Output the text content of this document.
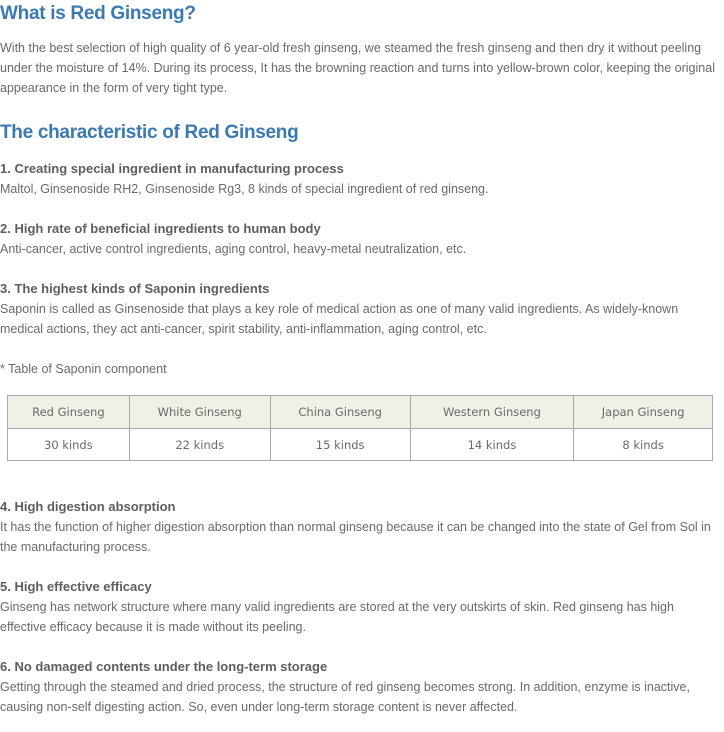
What is Red Ginseng?

With the best selection of high quality of 6 year-old fresh ginseng, we steamed the fresh ginseng and then dry it without peeling under the moisture of 14%. During its process, It has the browning reaction and turns into yellow-brown color, keeping the original appearance in the form of very tight type.

The characteristic of Red Ginseng

1. Creating special ingredient in manufacturing process

Maltol, Ginsenoside RH2, Ginsenoside Rg3, 8 kinds of special ingredient of red ginseng.

2. High rate of beneficial ingredients to human body

Anti-cancer, active control ingredients, aging control, heavy-metal neutralization, etc.

3. The highest kinds of Saponin ingredients

Saponin is called as Ginsenoside that plays a key role of medical action as one of many valid ingredients. As widely-known medical actions, they act anti-cancer, spirit stability, anti-inflammation, aging control, etc.

* Table of Saponin component

Red Ginseng	White Ginseng	China Ginseng	Western Ginseng	Japan Ginseng
30 kinds	22 kinds	15 kinds	14 kinds	8 kinds

4. High digestion absorption

It has the function of higher digestion absorption than normal ginseng because it can be changed into the state of Gel from Sol in the manufacturing process.

5. High effective efficacy

Ginseng has network structure where many valid ingredients are stored at the very outskirts of skin. Red ginseng has high effective efficacy because it is made without its peeling.

6. No damaged contents under the long-term storage

Getting through the steamed and dried process, the structure of red ginseng becomes strong. In addition, enzyme is inactive, causing non-self digesting action. So, even under long-term storage content is never affected.
